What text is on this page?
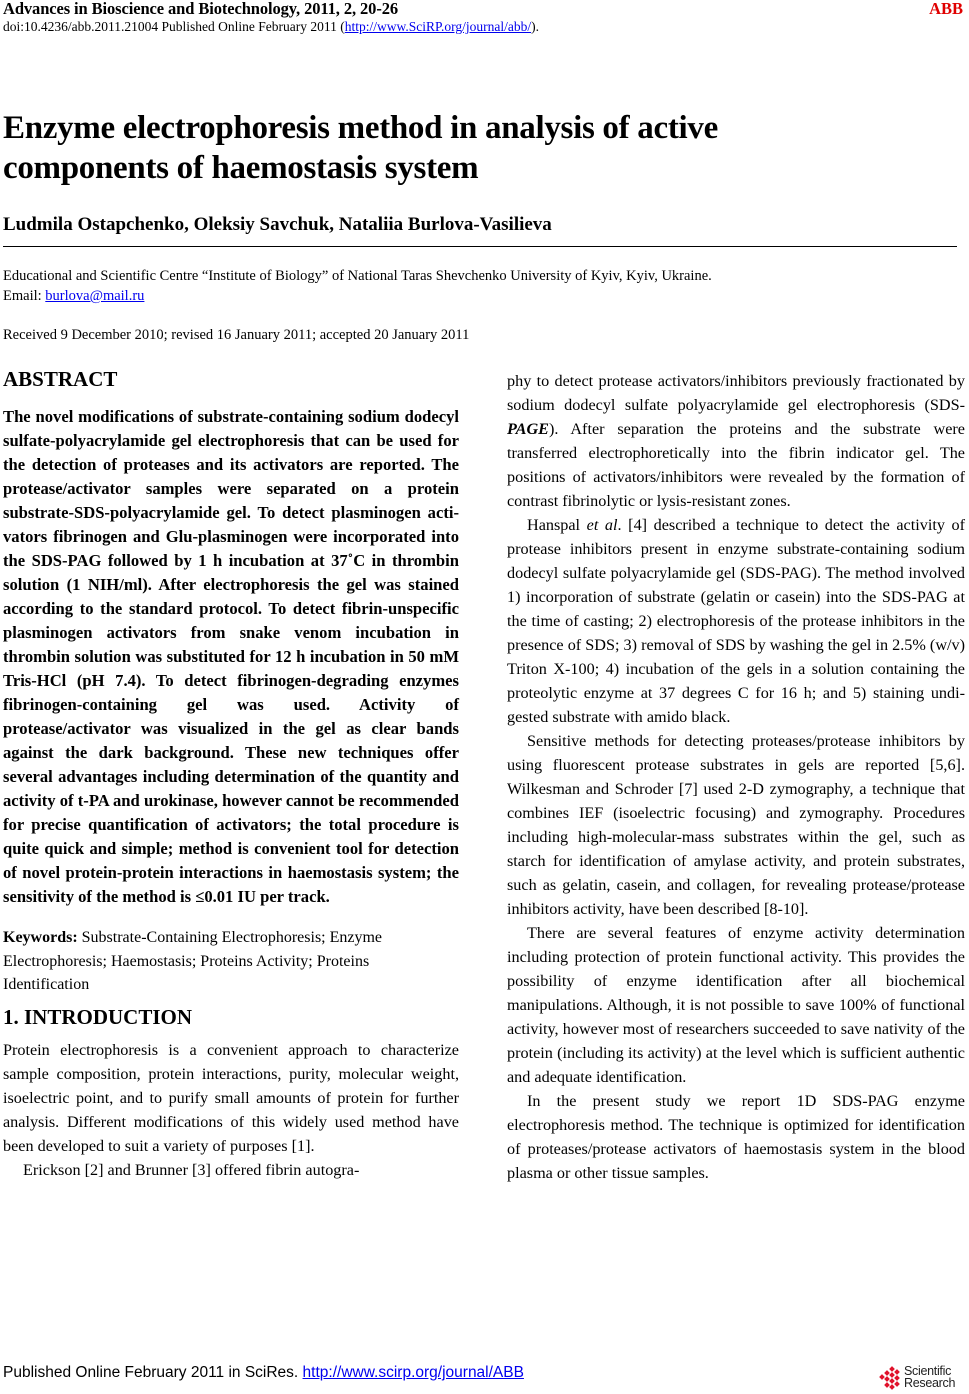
Advances in Bioscience and Biotechnology, 2011, 2, 20-26	ABB
doi:10.4236/abb.2011.21004 Published Online February 2011 (http://www.SciRP.org/journal/abb/).
Enzyme electrophoresis method in analysis of active
components of haemostasis system
Ludmila Ostapchenko, Oleksiy Savchuk, Nataliia Burlova-Vasilieva
Educational and Scientific Centre “Institute of Biology” of National Taras Shevchenko University of Kyiv, Kyiv, Ukraine.
Email: burlova@mail.ru
Received 9 December 2010; revised 16 January 2011; accepted 20 January 2011
ABSTRACT

The novel modifications of substrate-containing sodium dodecyl sulfate-polyacrylamide gel electrophoresis that can be used for the detection of proteases and its activators are reported. The protease/activator samples were separated on a protein substrate-SDS-polyacrylamide gel. To detect plasminogen activators fibrinogen and Glu-plasminogen were incorporated into the SDS-PAG followed by 1 h incubation at 37˚C in thrombin solution (1 NIH/ml). After electrophoresis the gel was stained according to the standard protocol. To detect fibrin-unspecific plasminogen activators from snake venom incubation in thrombin solution was substituted for 12 h incubation in 50 mM Tris-HCl (pH 7.4). To detect fibrinogen-degrading enzymes fibrinogen-containing gel was used. Activity of protease/activator was visualized in the gel as clear bands against the dark background. These new techniques offer several advantages including determination of the quantity and activity of t-PA and urokinase, however cannot be recommended for precise quantification of activators; the total procedure is quite quick and simple; method is convenient tool for detection of novel protein-protein interactions in haemostasis system; the sensitivity of the method is ≤0.01 IU per track.

Keywords: Substrate-Containing Electrophoresis; Enzyme Electrophoresis; Haemostasis; Proteins Activity; Proteins Identification

1. INTRODUCTION

Protein electrophoresis is a convenient approach to characterize sample composition, protein interactions, purity, molecular weight, isoelectric point, and to purify small amounts of protein for further analysis. Different modifications of this widely used method have been developed to suit a variety of purposes [1].

Erickson [2] and Brunner [3] offered fibrin autogra-

phy to detect protease activators/inhibitors previously fractionated by sodium dodecyl sulfate polyacrylamide gel electrophoresis (SDS-PAGE). After separation the proteins and the substrate were transferred electrophoretically into the fibrin indicator gel. The positions of activators/inhibitors were revealed by the formation of contrast fibrinolytic or lysis-resistant zones.

Hanspal et al. [4] described a technique to detect the activity of protease inhibitors present in enzyme substrate-containing sodium dodecyl sulfate polyacrylamide gel (SDS-PAG). The method involved 1) incorporation of substrate (gelatin or casein) into the SDS-PAG at the time of casting; 2) electrophoresis of the protease inhibitors in the presence of SDS; 3) removal of SDS by washing the gel in 2.5% (w/v) Triton X-100; 4) incubation of the gels in a solution containing the proteolytic enzyme at 37 degrees C for 16 h; and 5) staining undigested substrate with amido black.

Sensitive methods for detecting proteases/protease inhibitors by using fluorescent protease substrates in gels are reported [5,6]. Wilkesman and Schroder [7] used 2-D zymography, a technique that combines IEF (isoelectric focusing) and zymography. Procedures including high-molecular-mass substrates within the gel, such as starch for identification of amylase activity, and protein substrates, such as gelatin, casein, and collagen, for revealing protease/protease inhibitors activity, have been described [8-10].

There are several features of enzyme activity determination including protection of protein functional activity. This provides the possibility of enzyme identification after all biochemical manipulations. Although, it is not possible to save 100% of functional activity, however most of researchers succeeded to save nativity of the protein (including its activity) at the level which is sufficient authentic and adequate identification.

In the present study we report 1D SDS-PAG enzyme electrophoresis method. The technique is optimized for identification of proteases/protease activators of haemostasis system in the blood plasma or other tissue samples.

Published Online February 2011 in SciRes. http://www.scirp.org/journal/ABB	Scientific
Research
